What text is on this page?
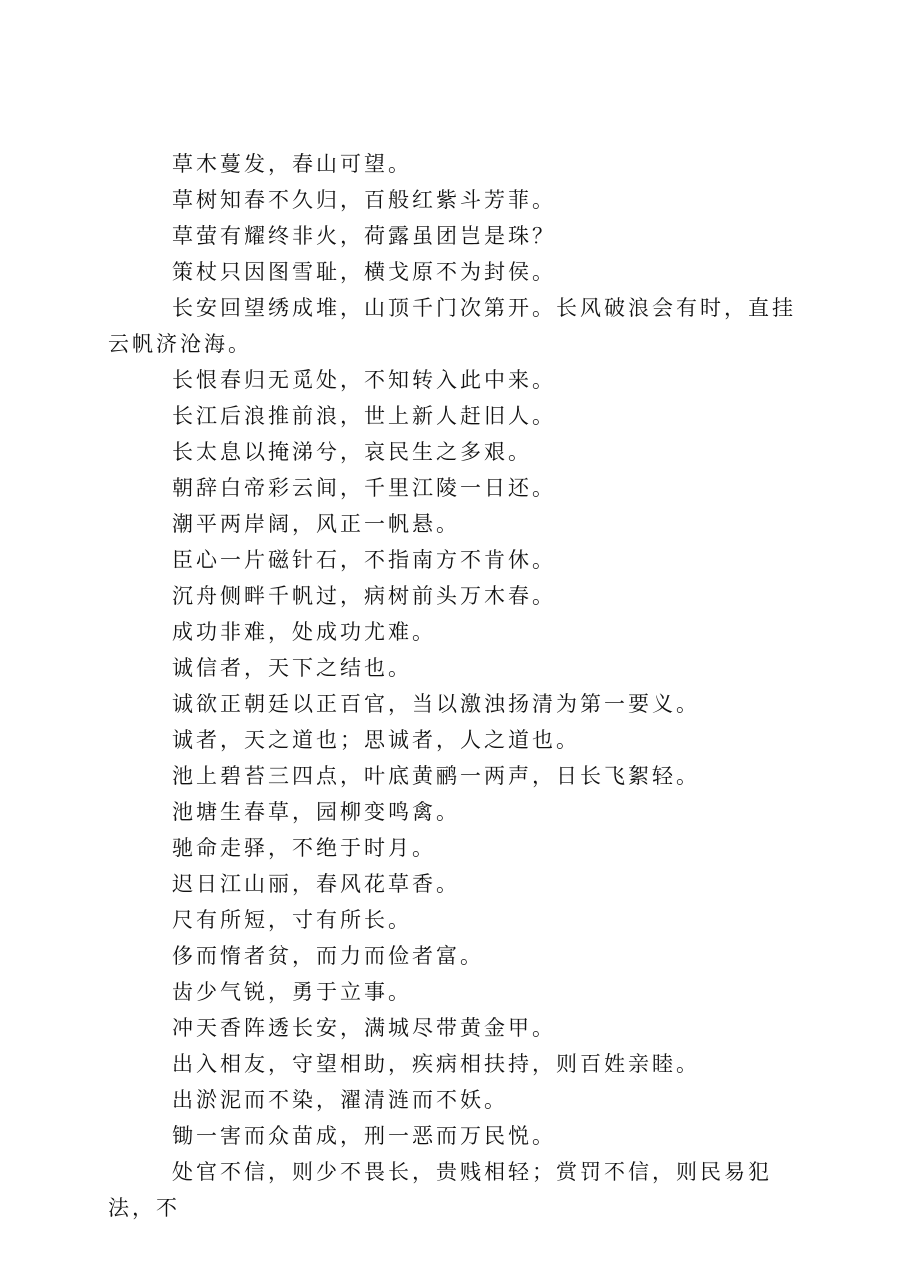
草木蔓发，春山可望。

草树知春不久归，百般红紫斗芳菲。

草萤有耀终非火，荷露虽团岂是珠？

策杖只因图雪耻，横戈原不为封侯。

长安回望绣成堆，山顶千门次第开。长风破浪会有时，直挂云帆济沧海。

长恨春归无觅处，不知转入此中来。

长江后浪推前浪，世上新人赶旧人。

长太息以掩涕兮，哀民生之多艰。

朝辞白帝彩云间，千里江陵一日还。

潮平两岸阔，风正一帆悬。

臣心一片磁针石，不指南方不肯休。

沉舟侧畔千帆过，病树前头万木春。

成功非难，处成功尤难。

诚信者，天下之结也。

诚欲正朝廷以正百官，当以激浊扬清为第一要义。

诚者，天之道也；思诚者，人之道也。

池上碧苔三四点，叶底黄鹂一两声，日长飞絮轻。

池塘生春草，园柳变鸣禽。

驰命走驿，不绝于时月。

迟日江山丽，春风花草香。

尺有所短，寸有所长。

侈而惰者贫，而力而俭者富。

齿少气锐，勇于立事。

冲天香阵透长安，满城尽带黄金甲。

出入相友，守望相助，疾病相扶持，则百姓亲睦。

出淤泥而不染，濯清涟而不妖。

锄一害而众苗成，刑一恶而万民悦。

处官不信，则少不畏长，贵贱相轻；赏罚不信，则民易犯法，不
